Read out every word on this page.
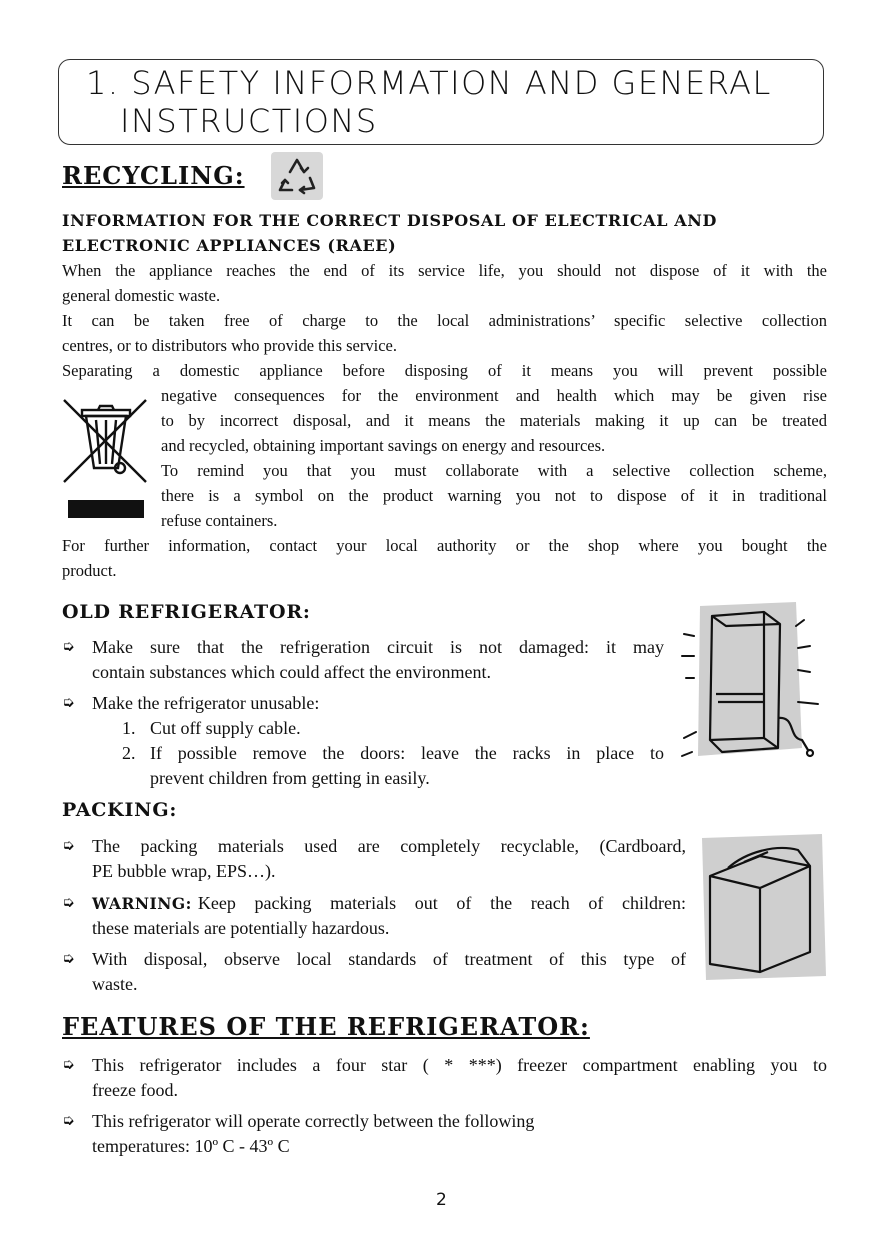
1. SAFETY INFORMATION AND GENERAL
INSTRUCTIONS
RECYCLING:
INFORMATION FOR THE CORRECT DISPOSAL OF ELECTRICAL AND
ELECTRONIC APPLIANCES (RAEE)
When the appliance reaches the end of its service life, you should not dispose of it with the
general domestic waste.
It can be taken free of charge to the local administrations’ specific selective collection
centres, or to distributors who provide this service.
Separating a domestic appliance before disposing of it means you will prevent possible
negative consequences for the environment and health which may be given rise
to by incorrect disposal, and it means the materials making it up can be treated
and recycled, obtaining important savings on energy and resources.
To remind you that you must collaborate with a selective collection scheme,
there is a symbol on the product warning you not to dispose of it in traditional
refuse containers.
For further information, contact your local authority or the shop where you bought the
product.
OLD REFRIGERATOR:
➭ Make sure that the refrigeration circuit is not damaged: it may
contain substances which could affect the environment.
➭ Make the refrigerator unusable:
1. Cut off supply cable.
2. If possible remove the doors: leave the racks in place to
prevent children from getting in easily.
PACKING:
➭ The packing materials used are completely recyclable, (Cardboard,
PE bubble wrap, EPS…).
➭ WARNING: Keep packing materials out of the reach of children:
these materials are potentially hazardous.
➭ With disposal, observe local standards of treatment of this type of
waste.
FEATURES OF THE REFRIGERATOR:
➭ This refrigerator includes a four star ( * ***) freezer compartment enabling you to
freeze food.
➭ This refrigerator will operate correctly between the following
temperatures: 10º C - 43º C
2
